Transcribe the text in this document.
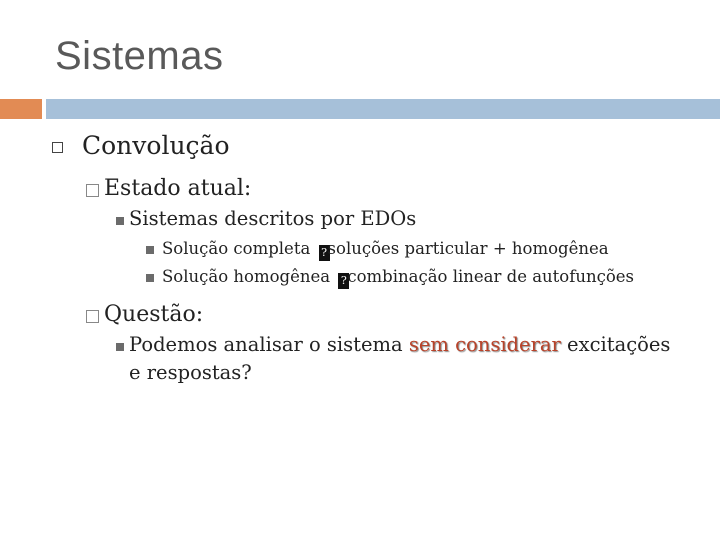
Sistemas
Convolução
Estado atual:
Sistemas descritos por EDOs
Solução completa ?soluções particular + homogênea
Solução homogênea ?combinação linear de autofunções
Questão:
Podemos analisar o sistema sem considerar excitações
e respostas?
